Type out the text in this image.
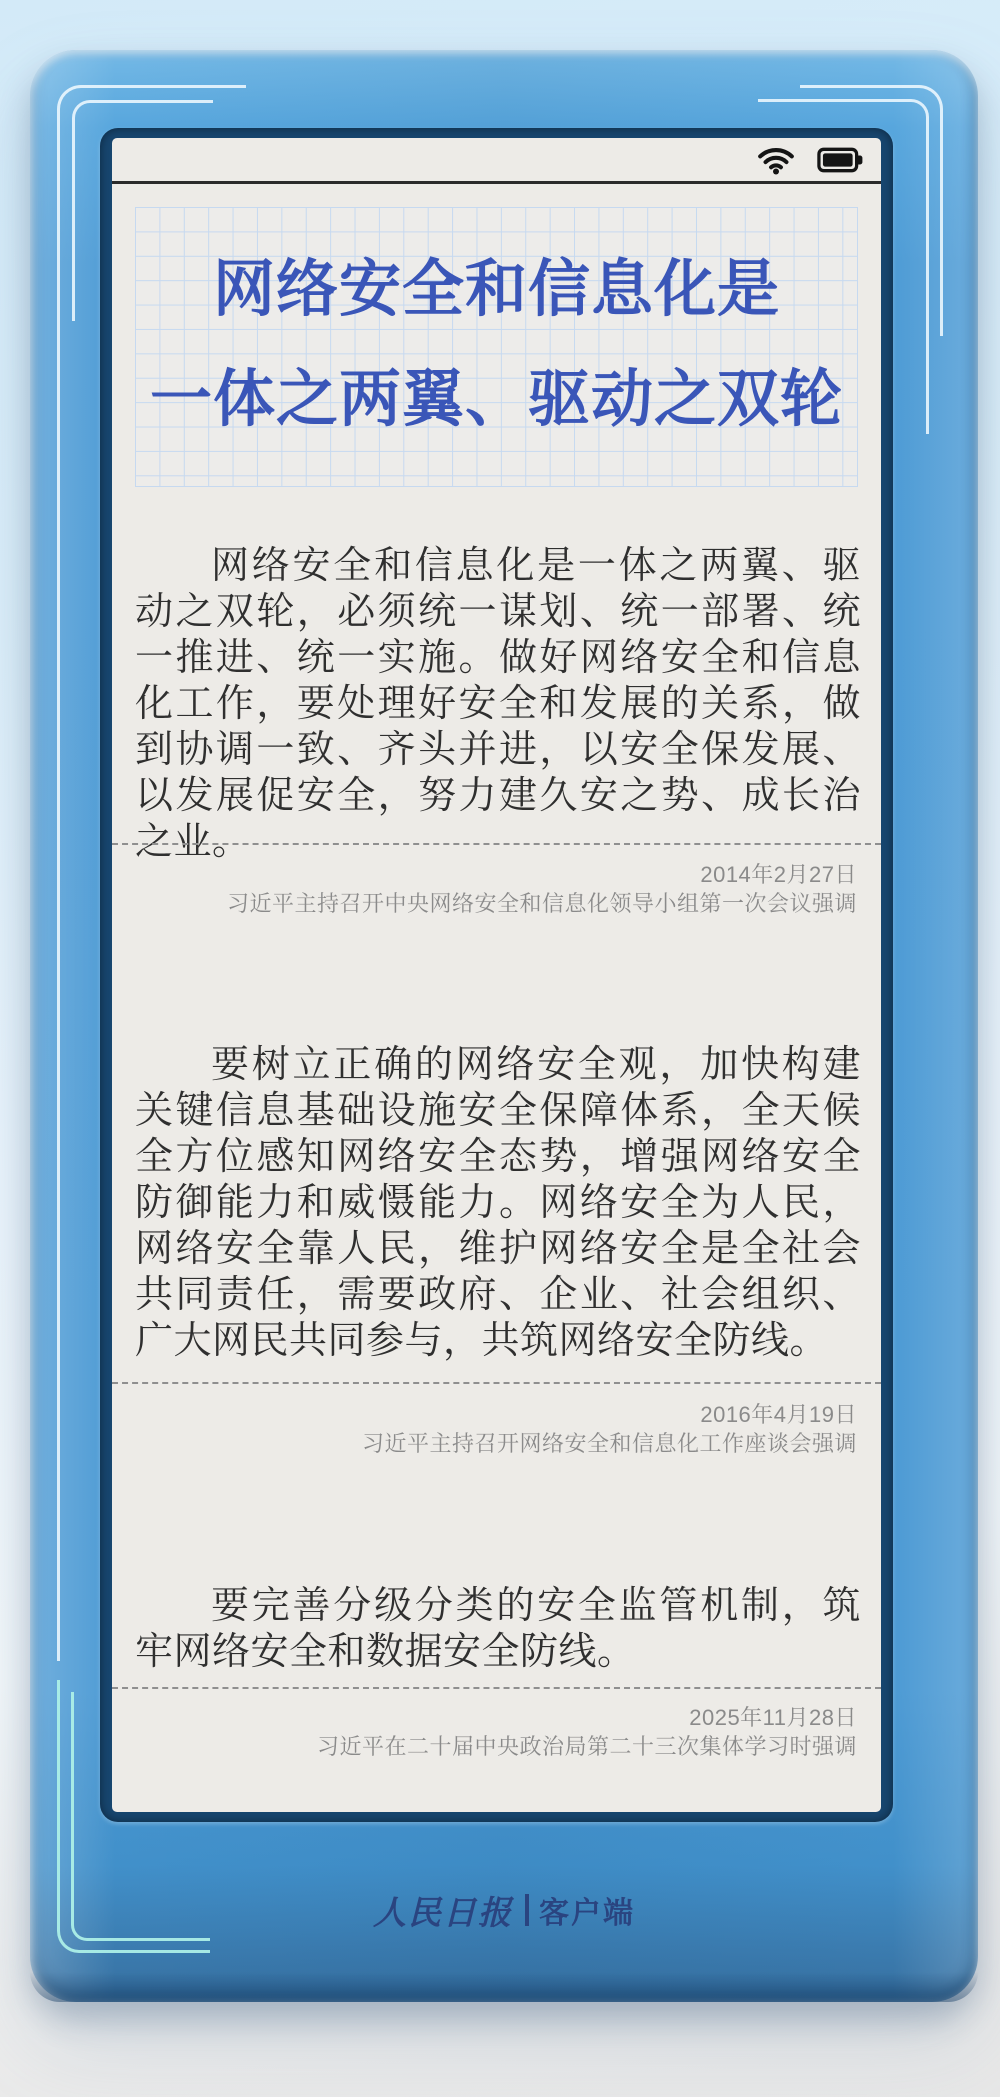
网络安全和信息化是
一体之两翼、驱动之双轮

网络安全和信息化是一体之两翼、驱动之双轮，必须统一谋划、统一部署、统一推进、统一实施。做好网络安全和信息化工作，要处理好安全和发展的关系，做到协调一致、齐头并进，以安全保发展、以发展促安全，努力建久安之势、成长治之业。

2014年2月27日
习近平主持召开中央网络安全和信息化领导小组第一次会议强调

要树立正确的网络安全观，加快构建关键信息基础设施安全保障体系，全天候全方位感知网络安全态势，增强网络安全防御能力和威慑能力。网络安全为人民，网络安全靠人民，维护网络安全是全社会共同责任，需要政府、企业、社会组织、广大网民共同参与，共筑网络安全防线。

2016年4月19日
习近平主持召开网络安全和信息化工作座谈会强调

要完善分级分类的安全监管机制，筑牢网络安全和数据安全防线。

2025年11月28日
习近平在二十届中央政治局第二十三次集体学习时强调
人民日报 客户端
